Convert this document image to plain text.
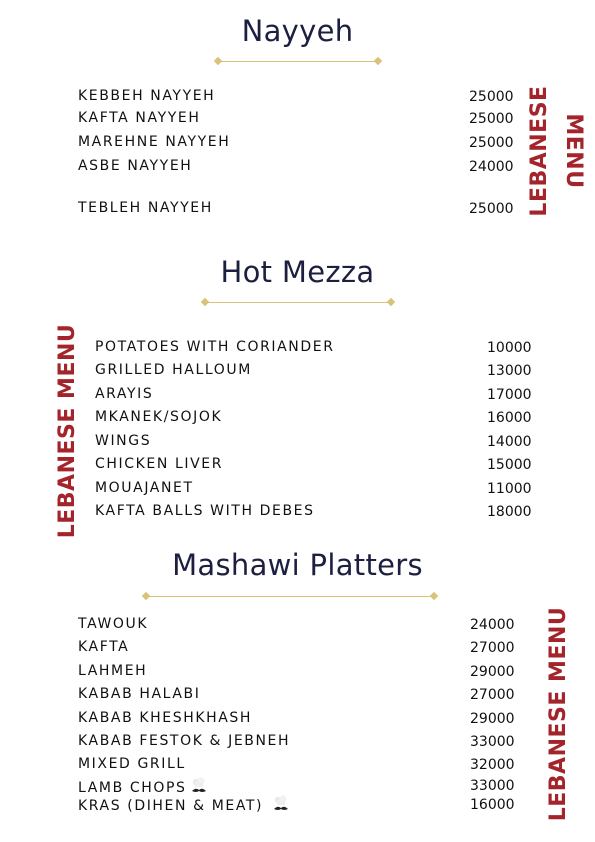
Nayyeh
KEBBEH NAYYEH	25000
KAFTA NAYYEH	25000
MAREHNE NAYYEH	25000
ASBE NAYYEH	24000
TEBLEH NAYYEH	25000 LEBANESE MENU
Hot Mezza
LEBANESE MENU POTATOES WITH CORIANDER	10000
GRILLED HALLOUM	13000
ARAYIS	17000
MKANEK/SOJOK	16000
WINGS	14000
CHICKEN LIVER	15000
MOUAJANET	11000
KAFTA BALLS WITH DEBES	18000
Mashawi Platters
TAWOUK	24000
KAFTA	27000
LAHMEH	29000
KABAB HALABI	27000
KABAB KHESHKHASH	29000
KABAB FESTOK & JEBNEH	33000
MIXED GRILL	32000
LAMB CHOPS	33000
KRAS (DIHEN & MEAT)	16000 LEBANESE MENU
